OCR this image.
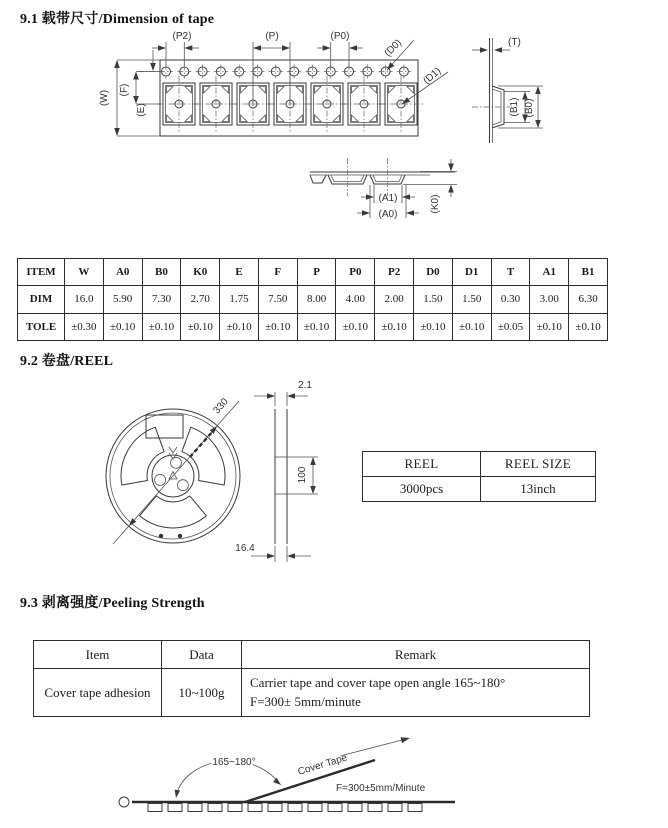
9.1 载带尺寸/Dimension of tape
(P2)	(P)	(P0)
(D0)
(D1)
(W) (F)
(E)
(T)
(B1) (B0)
(A1)
(A0)
(K0)
ITEM	W	A0	B0	K0	E	F	P	P0	P2	D0	D1	T	A1	B1
DIM	16.0	5.90	7.30	2.70	1.75	7.50	8.00	4.00	2.00	1.50	1.50	0.30	3.00	6.30
TOLE	±0.30	±0.10	±0.10	±0.10	±0.10	±0.10	±0.10	±0.10	±0.10	±0.10	±0.10	±0.05	±0.10	±0.10
9.2 卷盘/REEL
330
2.1
100
16.4
REEL	REEL SIZE
3000pcs	13inch
9.3 剥离强度/Peeling Strength
Item	Data	Remark
Cover tape adhesion	10~100g	Carrier tape and cover tape open angle 165~180°
F=300± 5mm/minute
165~180°	Cover Tape
F=300±5mm/Minute
